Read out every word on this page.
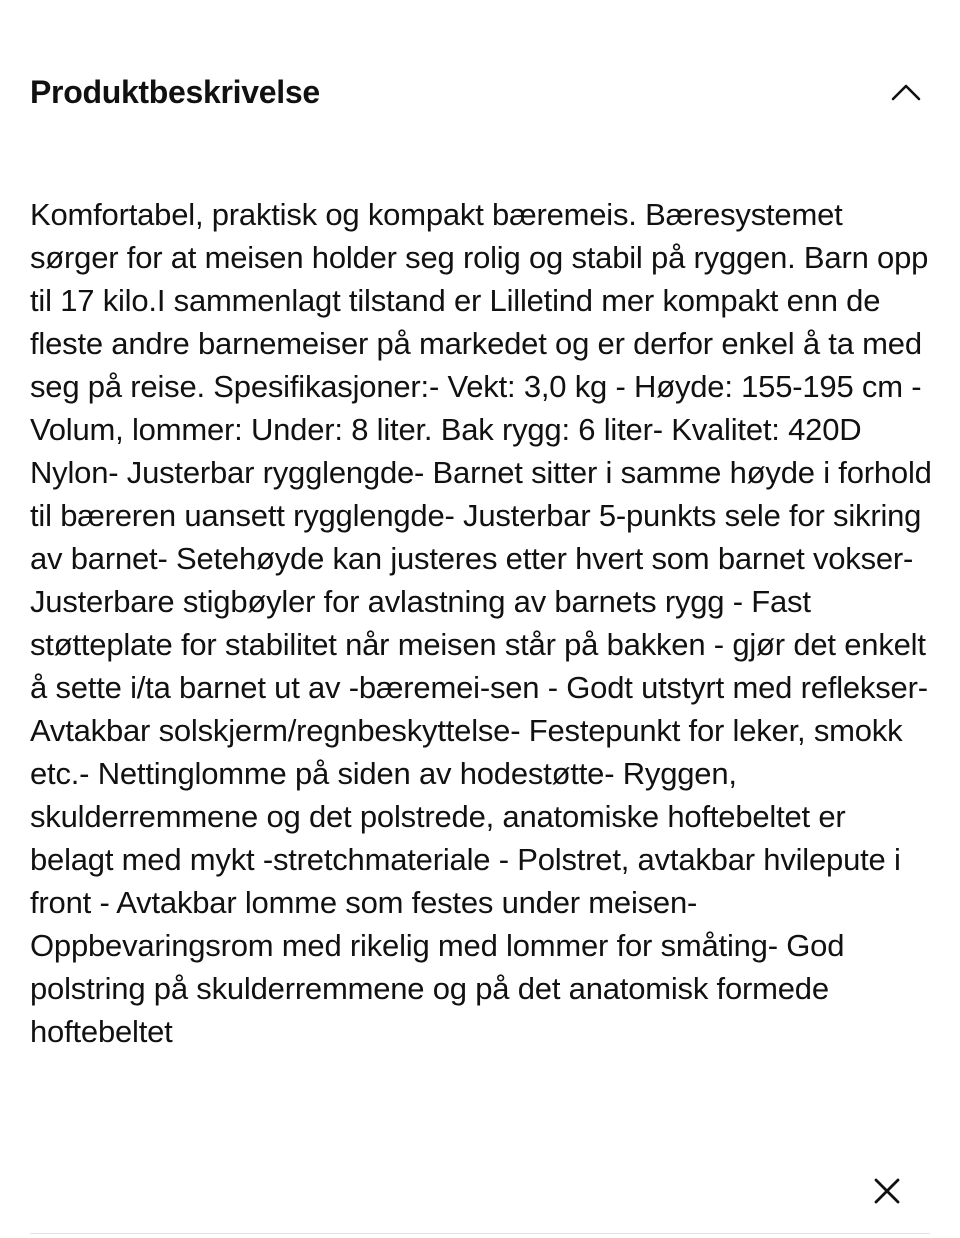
Produktbeskrivelse

Komfortabel, praktisk og kompakt bæremeis. Bæresystemet sørger for at meisen holder seg rolig og stabil på ryggen. Barn opp til 17 kilo.I sammenlagt tilstand er Lilletind mer kompakt enn de fleste andre barnemeiser på markedet og er derfor enkel å ta med seg på reise. Spesifikasjoner:- Vekt: 3,0 kg - Høyde: 155-195 cm - Volum, lommer: Under: 8 liter. Bak rygg: 6 liter- Kvalitet: 420D Nylon- Justerbar rygglengde- Barnet sitter i samme høyde i forhold til bæreren uansett rygglengde- Justerbar 5-punkts sele for sikring av barnet- Setehøyde kan justeres etter hvert som barnet vokser- Justerbare stigbøyler for avlastning av barnets rygg - Fast støtteplate for stabilitet når meisen står på bakken - gjør det enkelt å sette i/ta barnet ut av -bæremei-sen - Godt utstyrt med reflekser- Avtakbar solskjerm/regnbeskyttelse- Festepunkt for leker, smokk etc.- Nettinglomme på siden av hodestøtte- Ryggen, skulderremmene og det polstrede, anatomiske hoftebeltet er belagt med mykt -stretchmateriale - Polstret, avtakbar hvilepute i front - Avtakbar lomme som festes under meisen- Oppbevaringsrom med rikelig med lommer for småting- God polstring på skulderremmene og på det anatomisk formede hoftebeltet
